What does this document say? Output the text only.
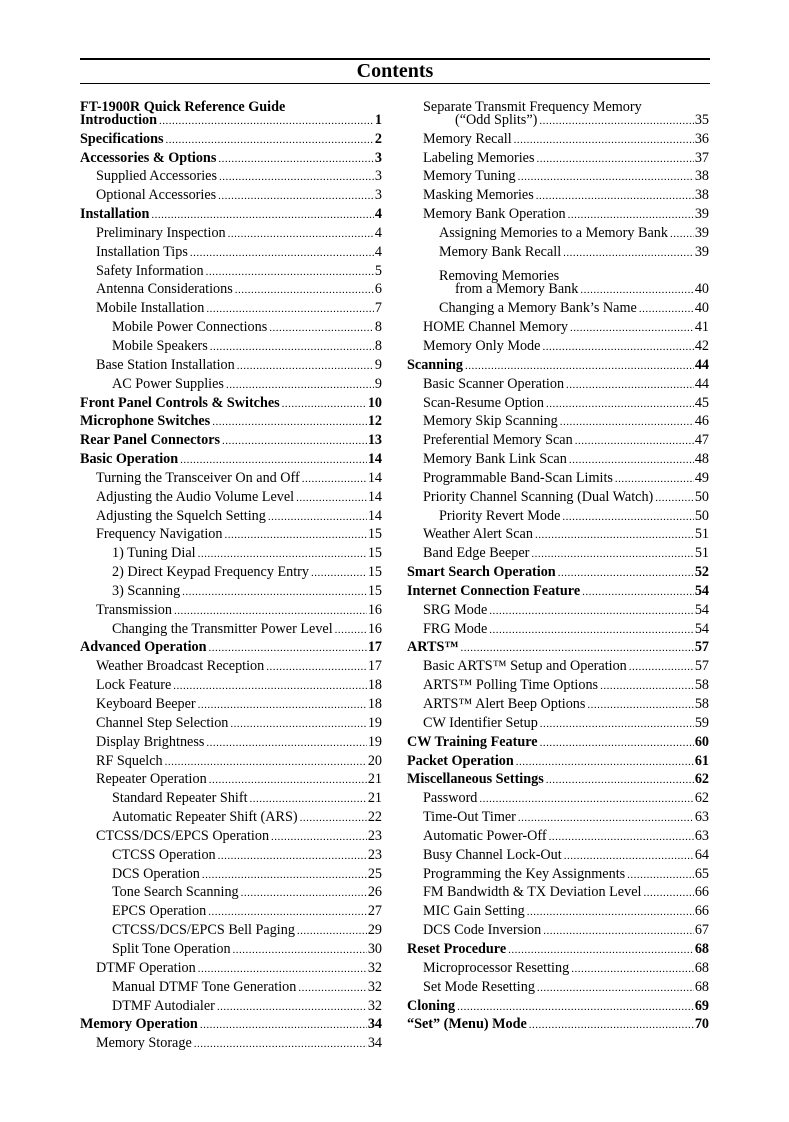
Contents
FT-1900R Quick Reference Guide
Introduction .....	1
Specifications .....	2
Accessories & Options .....	3
Supplied Accessories .....	3
Optional Accessories .....	3
Installation .....	4
Preliminary Inspection .....	4
Installation Tips .....	4
Safety Information .....	5
Antenna Considerations .....	6
Mobile Installation .....	7
Mobile Power Connections .....	8
Mobile Speakers .....	8
Base Station Installation .....	9
AC Power Supplies .....	9
Front Panel Controls & Switches .....	10
Microphone Switches .....	12
Rear Panel Connectors .....	13
Basic Operation .....	14
Turning the Transceiver On and Off .....	14
Adjusting the Audio Volume Level .....	14
Adjusting the Squelch Setting .....	14
Frequency Navigation .....	15
1) Tuning Dial .....	15
2) Direct Keypad Frequency Entry .....	15
3) Scanning .....	15
Transmission .....	16
Changing the Transmitter Power Level ..... 16
Advanced Operation .....	17
Weather Broadcast Reception .....	17
Lock Feature .....	18
Keyboard Beeper .....	18
Channel Step Selection .....	19
Display Brightness .....	19
RF Squelch .....	20
Repeater Operation .....	21
Standard Repeater Shift .....	21
Automatic Repeater Shift (ARS) .....	22
CTCSS/DCS/EPCS Operation .....	23
CTCSS Operation .....	23
DCS Operation .....	25
Tone Search Scanning .....	26
EPCS Operation .....	27
CTCSS/DCS/EPCS Bell Paging .....	29
Split Tone Operation .....	30
DTMF Operation .....	32
Manual DTMF Tone Generation .....	32
DTMF Autodialer .....	32
Memory Operation .....	34
Memory Storage .....	34
Separate Transmit Frequency Memory
(“Odd Splits”) .....	35
Memory Recall .....	36
Labeling Memories .....	37
Memory Tuning .....	38
Masking Memories .....	38
Memory Bank Operation .....	39
Assigning Memories to a Memory Bank ..... 39
Memory Bank Recall .....	39
Removing Memories
from a Memory Bank .....	40
Changing a Memory Bank’s Name .....	40
HOME Channel Memory .....	41
Memory Only Mode .....	42
Scanning .....	44
Basic Scanner Operation .....	44
Scan-Resume Option .....	45
Memory Skip Scanning .....	46
Preferential Memory Scan .....	47
Memory Bank Link Scan .....	48
Programmable Band-Scan Limits .....	49
Priority Channel Scanning (Dual Watch) .....	50
Priority Revert Mode .....	50
Weather Alert Scan .....	51
Band Edge Beeper .....	51
Smart Search Operation .....	52
Internet Connection Feature .....	54
SRG Mode .....	54
FRG Mode .....	54
ARTS™ .....	57
Basic ARTS™ Setup and Operation .....	57
ARTS™ Polling Time Options .....	58
ARTS™ Alert Beep Options .....	58
CW Identifier Setup .....	59
CW Training Feature .....	60
Packet Operation .....	61
Miscellaneous Settings .....	62
Password .....	62
Time-Out Timer .....	63
Automatic Power-Off .....	63
Busy Channel Lock-Out .....	64
Programming the Key Assignments .....	65
FM Bandwidth & TX Deviation Level .....	66
MIC Gain Setting .....	66
DCS Code Inversion .....	67
Reset Procedure .....	68
Microprocessor Resetting .....	68
Set Mode Resetting .....	68
Cloning .....	69
“Set” (Menu) Mode .....	70
